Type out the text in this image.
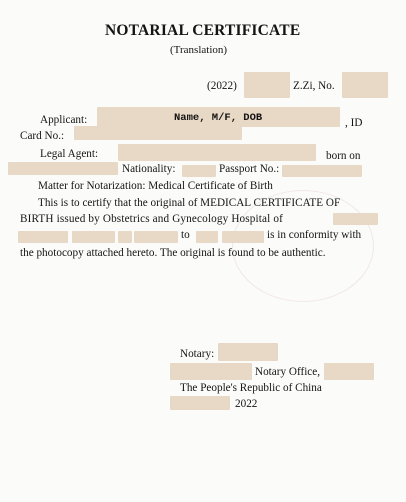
NOTARIAL CERTIFICATE
(Translation)
(2022)	Z.Zi, No.
Applicant:	Name, M/F, DOB	, ID
Card No.:
Legal Agent:	born on
Nationality:	Passport No.:
Matter for Notarization: Medical Certificate of Birth
This is to certify that the original of MEDICAL CERTIFICATE OF
BIRTH issued by Obstetrics and Gynecology Hospital of
to	is in conformity with
the photocopy attached hereto. The original is found to be authentic.
Notary:
Notary Office,
The People's Republic of China
2022
